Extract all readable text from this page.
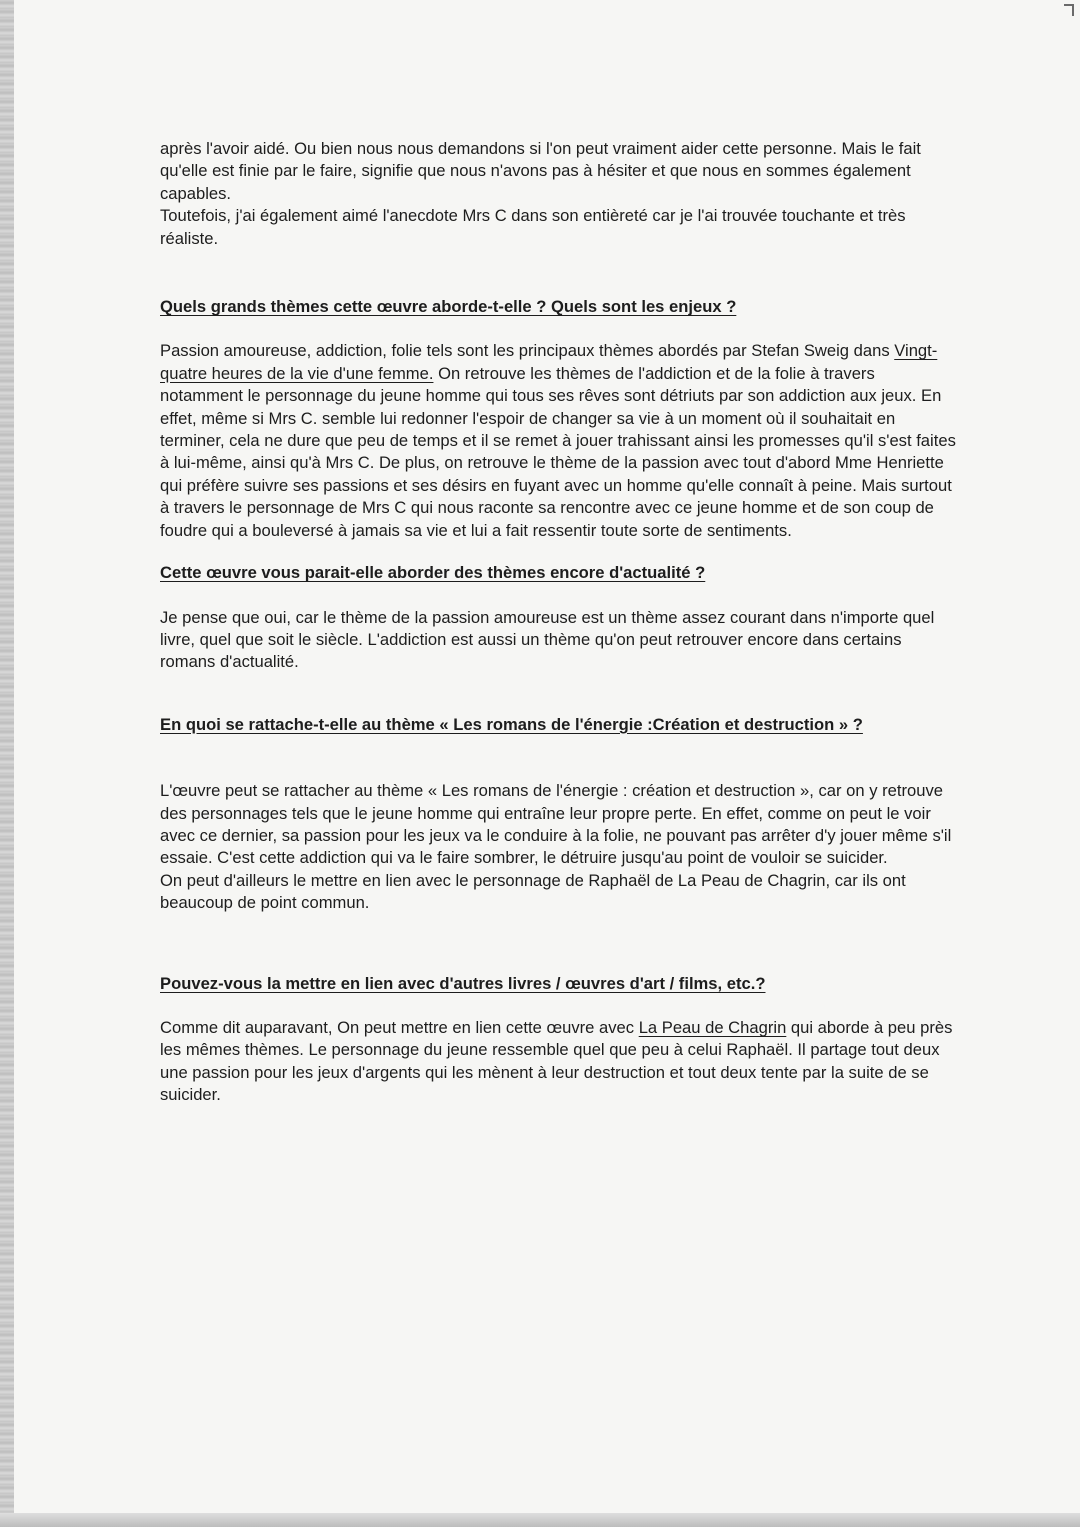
après l'avoir aidé. Ou bien nous nous demandons si l'on peut vraiment aider cette personne. Mais le fait qu'elle est finie par le faire, signifie que nous n'avons pas à hésiter et que nous en sommes également capables.

Toutefois, j'ai également aimé l'anecdote Mrs C dans son entièreté car je l'ai trouvée touchante et très réaliste.

Quels grands thèmes cette œuvre aborde-t-elle ? Quels sont les enjeux ?

Passion amoureuse, addiction, folie tels sont les principaux thèmes abordés par Stefan Sweig dans Vingt-quatre heures de la vie d'une femme. On retrouve les thèmes de l'addiction et de la folie à travers notamment le personnage du jeune homme qui tous ses rêves sont détriuts par son addiction aux jeux. En effet, même si Mrs C. semble lui redonner l'espoir de changer sa vie à un moment où il souhaitait en terminer, cela ne dure que peu de temps et il se remet à jouer trahissant ainsi les promesses qu'il s'est faites à lui-même, ainsi qu'à Mrs C. De plus, on retrouve le thème de la passion avec tout d'abord Mme Henriette qui préfère suivre ses passions et ses désirs en fuyant avec un homme qu'elle connaît à peine. Mais surtout à travers le personnage de Mrs C qui nous raconte sa rencontre avec ce jeune homme et de son coup de foudre qui a bouleversé à jamais sa vie et lui a fait ressentir toute sorte de sentiments.

Cette œuvre vous parait-elle aborder des thèmes encore d'actualité ?

Je pense que oui, car le thème de la passion amoureuse est un thème assez courant dans n'importe quel livre, quel que soit le siècle. L'addiction est aussi un thème qu'on peut retrouver encore dans certains romans d'actualité.

En quoi se rattache-t-elle au thème « Les romans de l'énergie :Création et destruction » ?

L'œuvre peut se rattacher au thème « Les romans de l'énergie : création et destruction », car on y retrouve des personnages tels que le jeune homme qui entraîne leur propre perte. En effet, comme on peut le voir avec ce dernier, sa passion pour les jeux va le conduire à la folie, ne pouvant pas arrêter d'y jouer même s'il essaie. C'est cette addiction qui va le faire sombrer, le détruire jusqu'au point de vouloir se suicider.

On peut d'ailleurs le mettre en lien avec le personnage de Raphaël de La Peau de Chagrin, car ils ont beaucoup de point commun.

Pouvez-vous la mettre en lien avec d'autres livres / œuvres d'art / films, etc.?

Comme dit auparavant, On peut mettre en lien cette œuvre avec La Peau de Chagrin qui aborde à peu près les mêmes thèmes. Le personnage du jeune ressemble quel que peu à celui Raphaël. Il partage tout deux une passion pour les jeux d'argents qui les mènent à leur destruction et tout deux tente par la suite de se suicider.
